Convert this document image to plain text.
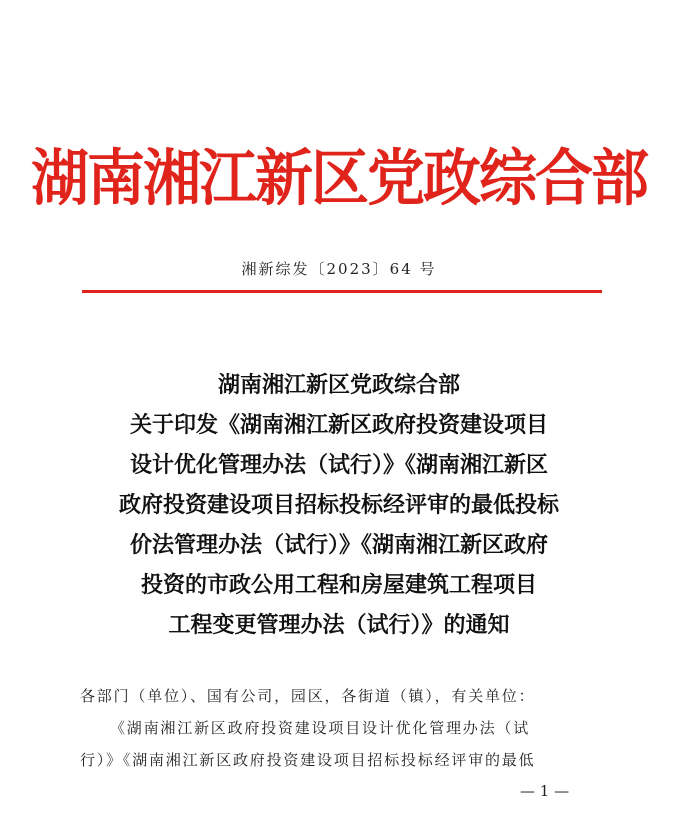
湖南湘江新区党政综合部
湘新综发〔2023〕64 号
湖南湘江新区党政综合部
关于印发《湖南湘江新区政府投资建设项目
设计优化管理办法（试行）》《湖南湘江新区
政府投资建设项目招标投标经评审的最低投标
价法管理办法（试行）》《湖南湘江新区政府
投资的市政公用工程和房屋建筑工程项目
工程变更管理办法（试行）》的通知
各部门（单位）、国有公司，园区，各街道（镇），有关单位：
《湖南湘江新区政府投资建设项目设计优化管理办法（试
行）》《湖南湘江新区政府投资建设项目招标投标经评审的最低
— 1 —
